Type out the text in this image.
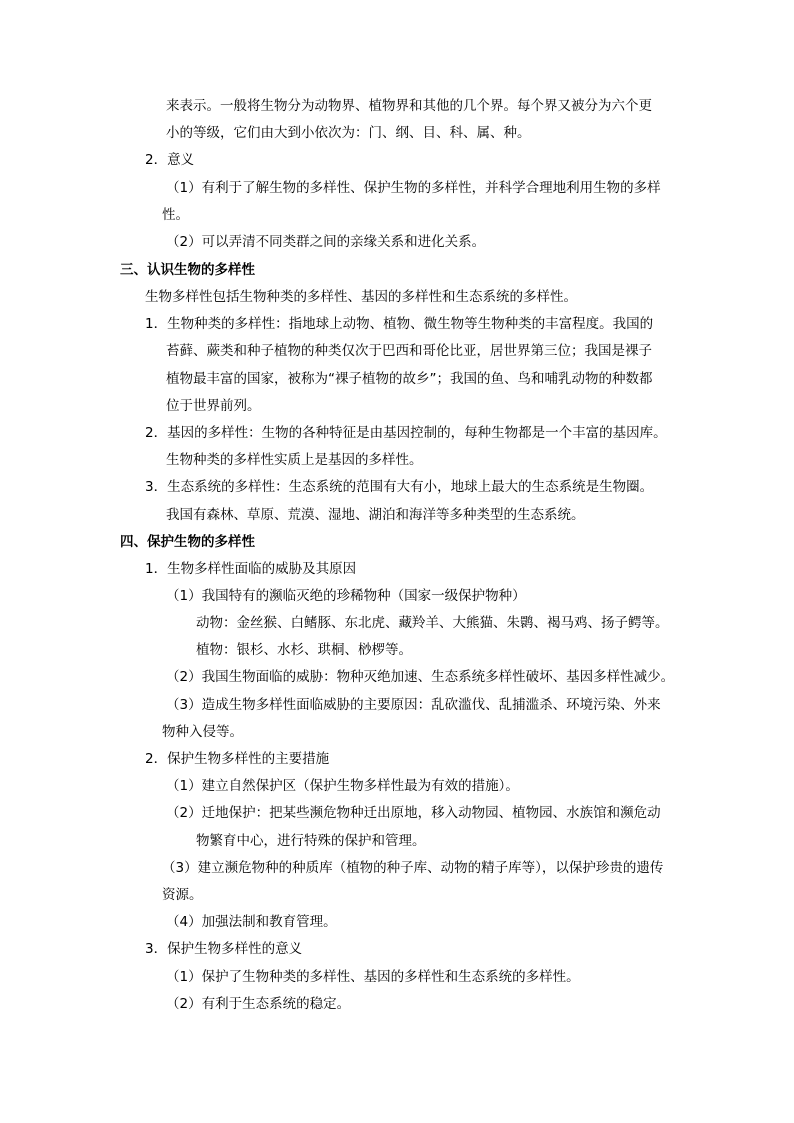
来表示。一般将生物分为动物界、植物界和其他的几个界。每个界又被分为六个更
小的等级，它们由大到小依次为：门、纲、目、科、属、种。
2．意义
（1）有利于了解生物的多样性、保护生物的多样性，并科学合理地利用生物的多样
性。
（2）可以弄清不同类群之间的亲缘关系和进化关系。
三、认识生物的多样性
生物多样性包括生物种类的多样性、基因的多样性和生态系统的多样性。
1．生物种类的多样性：指地球上动物、植物、微生物等生物种类的丰富程度。我国的
苔藓、蕨类和种子植物的种类仅次于巴西和哥伦比亚，居世界第三位；我国是裸子
植物最丰富的国家，被称为“裸子植物的故乡”；我国的鱼、鸟和哺乳动物的种数都
位于世界前列。
2．基因的多样性：生物的各种特征是由基因控制的，每种生物都是一个丰富的基因库。
生物种类的多样性实质上是基因的多样性。
3．生态系统的多样性：生态系统的范围有大有小，地球上最大的生态系统是生物圈。
我国有森林、草原、荒漠、湿地、湖泊和海洋等多种类型的生态系统。
四、保护生物的多样性
1．生物多样性面临的威胁及其原因
（1）我国特有的濒临灭绝的珍稀物种（国家一级保护物种）
动物：金丝猴、白鳍豚、东北虎、藏羚羊、大熊猫、朱鹮、褐马鸡、扬子鳄等。
植物：银杉、水杉、珙桐、桫椤等。
（2）我国生物面临的威胁：物种灭绝加速、生态系统多样性破坏、基因多样性减少。
（3）造成生物多样性面临威胁的主要原因：乱砍滥伐、乱捕滥杀、环境污染、外来
物种入侵等。
2．保护生物多样性的主要措施
（1）建立自然保护区（保护生物多样性最为有效的措施）。
（2）迁地保护：把某些濒危物种迁出原地，移入动物园、植物园、水族馆和濒危动
物繁育中心，进行特殊的保护和管理。
（3）建立濒危物种的种质库（植物的种子库、动物的精子库等），以保护珍贵的遗传
资源。
（4）加强法制和教育管理。
3．保护生物多样性的意义
（1）保护了生物种类的多样性、基因的多样性和生态系统的多样性。
（2）有利于生态系统的稳定。
